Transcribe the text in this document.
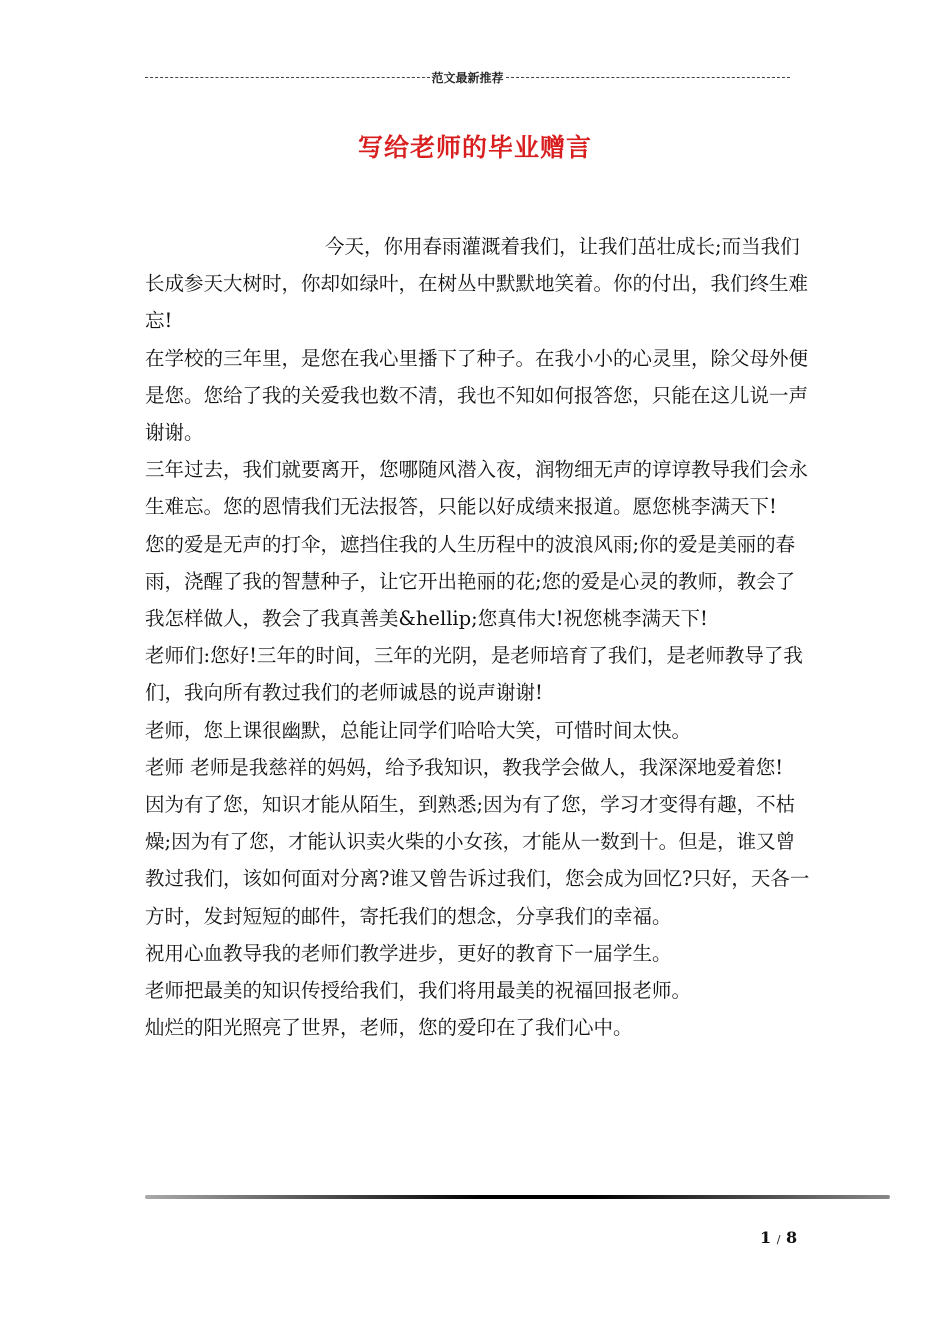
范文最新推荐
写给老师的毕业赠言

今天，你用春雨灌溉着我们，让我们茁壮成长;而当我们长成参天大树时，你却如绿叶，在树丛中默默地笑着。你的付出，我们终生难忘!

在学校的三年里，是您在我心里播下了种子。在我小小的心灵里，除父母外便是您。您给了我的关爱我也数不清，我也不知如何报答您，只能在这儿说一声谢谢。

三年过去，我们就要离开，您哪随风潜入夜，润物细无声的谆谆教导我们会永生难忘。您的恩情我们无法报答，只能以好成绩来报道。愿您桃李满天下!

您的爱是无声的打伞，遮挡住我的人生历程中的波浪风雨;你的爱是美丽的春雨，浇醒了我的智慧种子，让它开出艳丽的花;您的爱是心灵的教师，教会了我怎样做人，教会了我真善美&hellip;您真伟大!祝您桃李满天下!

老师们:您好!三年的时间，三年的光阴，是老师培育了我们，是老师教导了我们，我向所有教过我们的老师诚恳的说声谢谢!

老师，您上课很幽默，总能让同学们哈哈大笑，可惜时间太快。

老师 老师是我慈祥的妈妈，给予我知识，教我学会做人，我深深地爱着您!

因为有了您，知识才能从陌生，到熟悉;因为有了您，学习才变得有趣，不枯燥;因为有了您，才能认识卖火柴的小女孩，才能从一数到十。但是，谁又曾教过我们，该如何面对分离?谁又曾告诉过我们，您会成为回忆?只好，天各一方时，发封短短的邮件，寄托我们的想念，分享我们的幸福。

祝用心血教导我的老师们教学进步，更好的教育下一届学生。

老师把最美的知识传授给我们，我们将用最美的祝福回报老师。

灿烂的阳光照亮了世界，老师，您的爱印在了我们心中。

1 / 8
